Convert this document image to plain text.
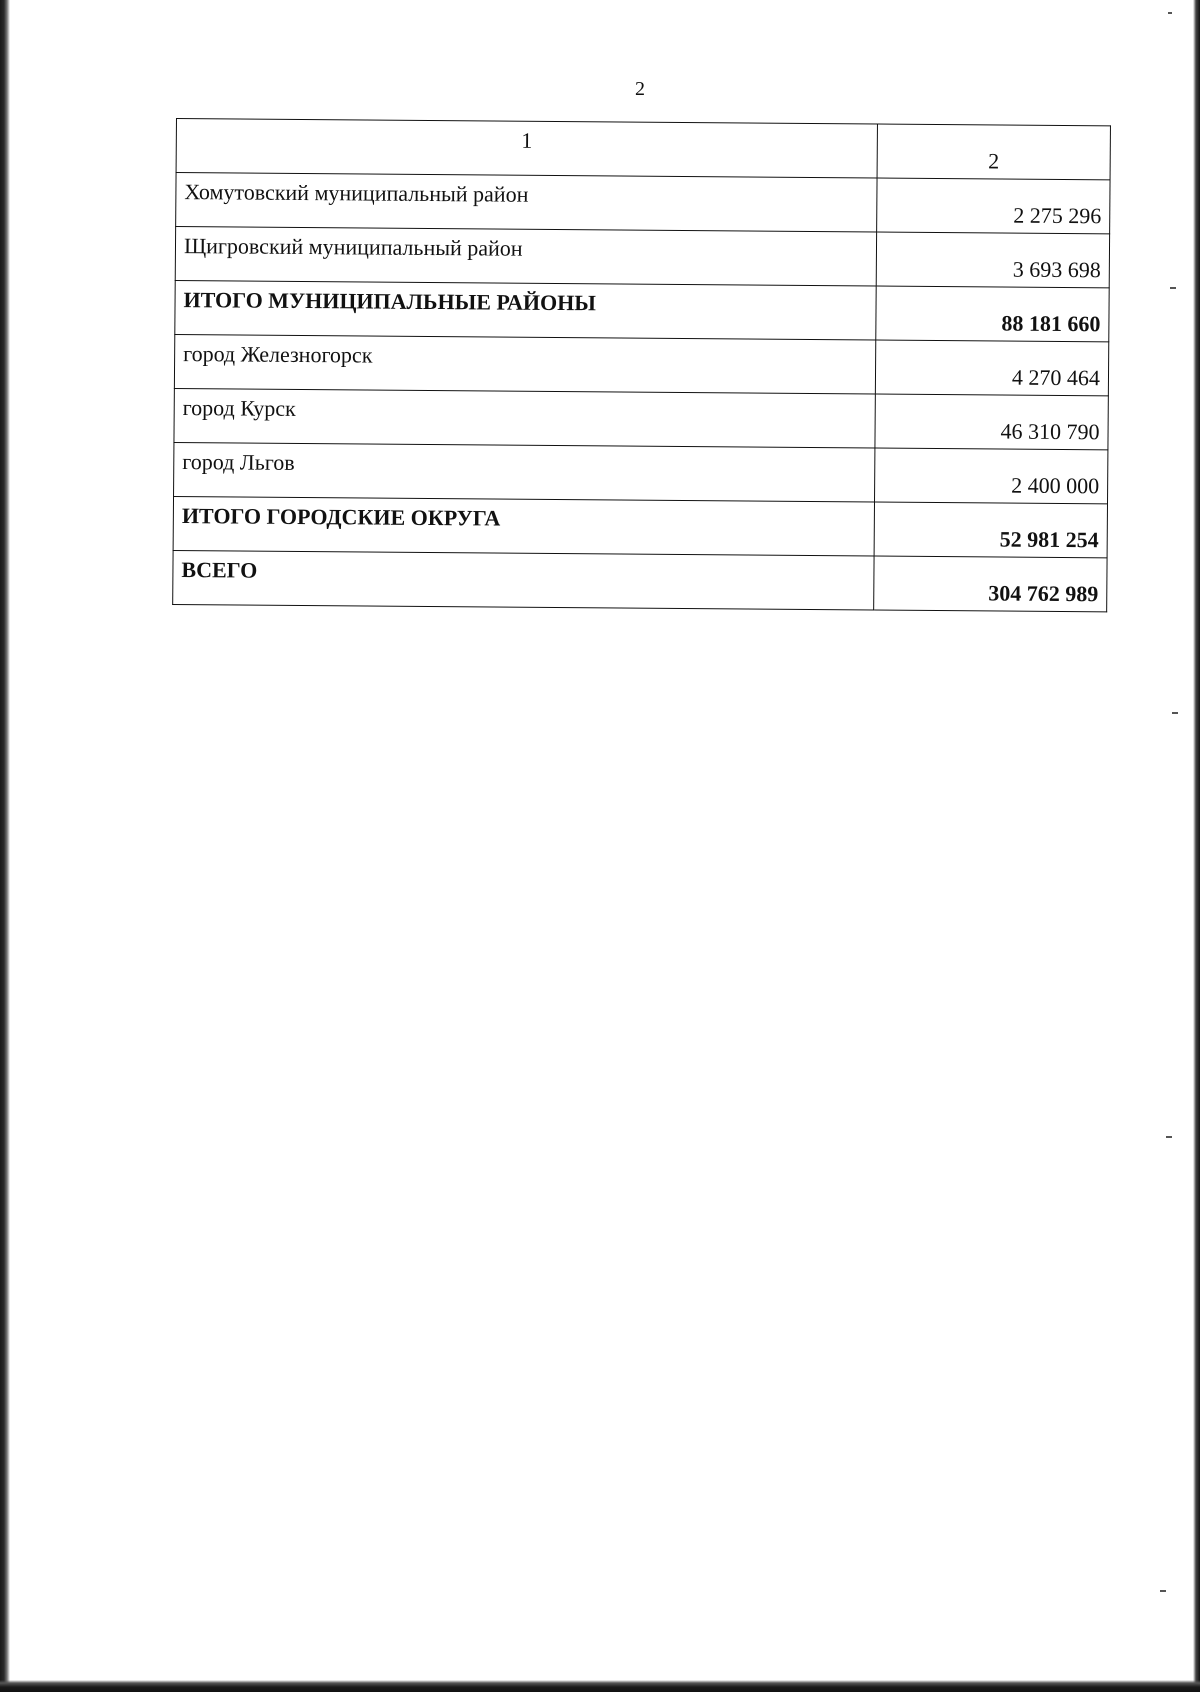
2
1	2
Хомутовский муниципальный район	2 275 296
Щигровский муниципальный район	3 693 698
ИТОГО МУНИЦИПАЛЬНЫЕ РАЙОНЫ	88 181 660
город Железногорск	4 270 464
город Курск	46 310 790
город Льгов	2 400 000
ИТОГО ГОРОДСКИЕ ОКРУГА	52 981 254
ВСЕГО	304 762 989
